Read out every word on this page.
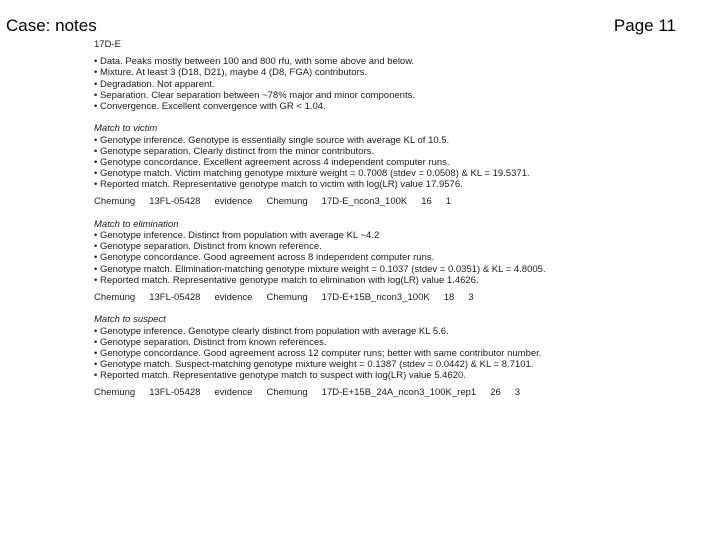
Case: notes	Page 11
17D-E
• Data. Peaks mostly between 100 and 800 rfu, with some above and below.
• Mixture. At least 3 (D18, D21), maybe 4 (D8, FGA) contributors.
• Degradation. Not apparent.
• Separation. Clear separation between ~78% major and minor components.
• Convergence. Excellent convergence with GR < 1.04.
Match to victim
• Genotype inference. Genotype is essentially single source with average KL of 10.5.
• Genotype separation. Clearly distinct from the minor contributors.
• Genotype concordance. Excellent agreement across 4 independent computer runs.
• Genotype match. Victim matching genotype mixture weight = 0.7008 (stdev = 0.0508) & KL = 19.5371.
• Reported match. Representative genotype match to victim with log(LR) value 17.9576.
Chemung 13FL-05428 evidence Chemung 17D-E_ncon3_100K 16 1
Match to elimination
• Genotype inference. Distinct from population with average KL ~4.2
• Genotype separation. Distinct from known reference.
• Genotype concordance. Good agreement across 8 independent computer runs.
• Genotype match. Elimination-matching genotype mixture weight = 0.1037 (stdev = 0.0351) & KL = 4.8005.
• Reported match. Representative genotype match to elimination with log(LR) value 1.4626.
Chemung 13FL-05428 evidence Chemung 17D-E+15B_ncon3_100K 18 3
Match to suspect
• Genotype inference. Genotype clearly distinct from population with average KL 5.6.
• Genotype separation. Distinct from known references.
• Genotype concordance. Good agreement across 12 computer runs; better with same contributor number.
• Genotype match. Suspect-matching genotype mixture weight = 0.1387 (stdev = 0.0442) & KL = 8.7101.
• Reported match. Representative genotype match to suspect with log(LR) value 5.4620.
Chemung 13FL-05428 evidence Chemung 17D-E+15B_24A_ncon3_100K_rep1 26 3
